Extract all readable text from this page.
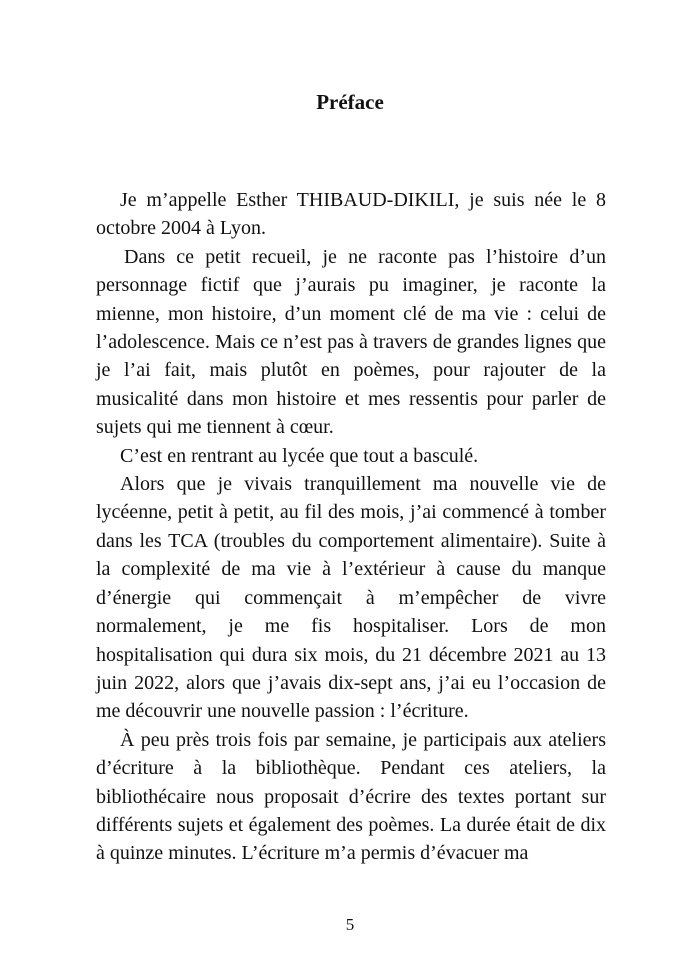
Préface

Je m’appelle Esther THIBAUD-DIKILI, je suis née le 8 octobre 2004 à Lyon.

Dans ce petit recueil, je ne raconte pas l’histoire d’un personnage fictif que j’aurais pu imaginer, je raconte la mienne, mon histoire, d’un moment clé de ma vie : celui de l’adolescence. Mais ce n’est pas à travers de grandes lignes que je l’ai fait, mais plutôt en poèmes, pour rajouter de la musicalité dans mon histoire et mes ressentis pour parler de sujets qui me tiennent à cœur.

C’est en rentrant au lycée que tout a basculé.

Alors que je vivais tranquillement ma nouvelle vie de lycéenne, petit à petit, au fil des mois, j’ai commencé à tomber dans les TCA (troubles du comportement alimentaire). Suite à la complexité de ma vie à l’extérieur à cause du manque d’énergie qui commençait à m’empêcher de vivre normalement, je me fis hospitaliser. Lors de mon hospitalisation qui dura six mois, du 21 décembre 2021 au 13 juin 2022, alors que j’avais dix-sept ans, j’ai eu l’occasion de me découvrir une nouvelle passion : l’écriture.

À peu près trois fois par semaine, je participais aux ateliers d’écriture à la bibliothèque. Pendant ces ateliers, la bibliothécaire nous proposait d’écrire des textes portant sur différents sujets et également des poèmes. La durée était de dix à quinze minutes. L’écriture m’a permis d’évacuer ma

5
